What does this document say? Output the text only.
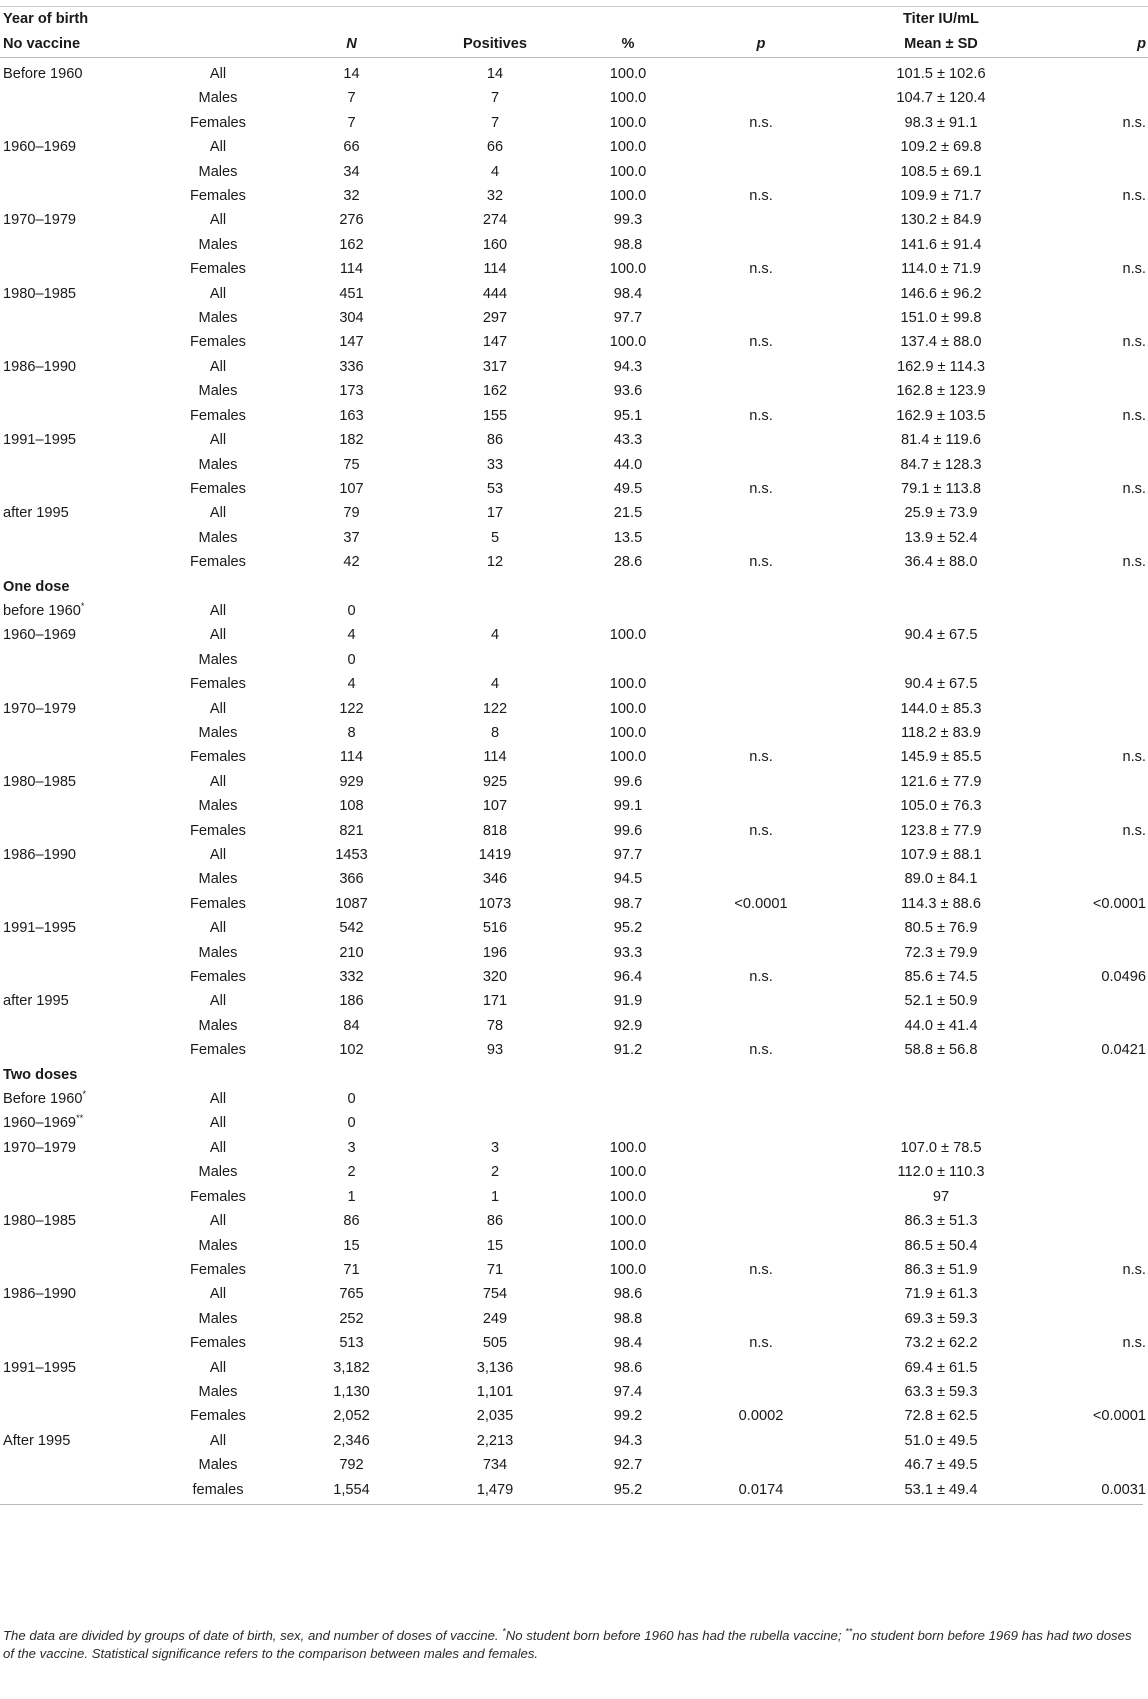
Year of birth						Titer IU/mL	
No vaccine		N	Positives	%	p	Mean ± SD	p
Before 1960	All	14	14	100.0		101.5 ± 102.6	
	Males	7	7	100.0		104.7 ± 120.4	
	Females	7	7	100.0	n.s.	98.3 ± 91.1	n.s.
1960–1969	All	66	66	100.0		109.2 ± 69.8	
	Males	34	4	100.0		108.5 ± 69.1	
	Females	32	32	100.0	n.s.	109.9 ± 71.7	n.s.
1970–1979	All	276	274	99.3		130.2 ± 84.9	
	Males	162	160	98.8		141.6 ± 91.4	
	Females	114	114	100.0	n.s.	114.0 ± 71.9	n.s.
1980–1985	All	451	444	98.4		146.6 ± 96.2	
	Males	304	297	97.7		151.0 ± 99.8	
	Females	147	147	100.0	n.s.	137.4 ± 88.0	n.s.
1986–1990	All	336	317	94.3		162.9 ± 114.3	
	Males	173	162	93.6		162.8 ± 123.9	
	Females	163	155	95.1	n.s.	162.9 ± 103.5	n.s.
1991–1995	All	182	86	43.3		81.4 ± 119.6	
	Males	75	33	44.0		84.7 ± 128.3	
	Females	107	53	49.5	n.s.	79.1 ± 113.8	n.s.
after 1995	All	79	17	21.5		25.9 ± 73.9	
	Males	37	5	13.5		13.9 ± 52.4	
	Females	42	12	28.6	n.s.	36.4 ± 88.0	n.s.
One dose							
before 1960*	All	0					
1960–1969	All	4	4	100.0		90.4 ± 67.5	
	Males	0					
	Females	4	4	100.0		90.4 ± 67.5	
1970–1979	All	122	122	100.0		144.0 ± 85.3	
	Males	8	8	100.0		118.2 ± 83.9	
	Females	114	114	100.0	n.s.	145.9 ± 85.5	n.s.
1980–1985	All	929	925	99.6		121.6 ± 77.9	
	Males	108	107	99.1		105.0 ± 76.3	
	Females	821	818	99.6	n.s.	123.8 ± 77.9	n.s.
1986–1990	All	1453	1419	97.7		107.9 ± 88.1	
	Males	366	346	94.5		89.0 ± 84.1	
	Females	1087	1073	98.7	<0.0001	114.3 ± 88.6	<0.0001
1991–1995	All	542	516	95.2		80.5 ± 76.9	
	Males	210	196	93.3		72.3 ± 79.9	
	Females	332	320	96.4	n.s.	85.6 ± 74.5	0.0496
after 1995	All	186	171	91.9		52.1 ± 50.9	
	Males	84	78	92.9		44.0 ± 41.4	
	Females	102	93	91.2	n.s.	58.8 ± 56.8	0.0421
Two doses							
Before 1960*	All	0					
1960–1969**	All	0					
1970–1979	All	3	3	100.0		107.0 ± 78.5	
	Males	2	2	100.0		112.0 ± 110.3	
	Females	1	1	100.0		97	
1980–1985	All	86	86	100.0		86.3 ± 51.3	
	Males	15	15	100.0		86.5 ± 50.4	
	Females	71	71	100.0	n.s.	86.3 ± 51.9	n.s.
1986–1990	All	765	754	98.6		71.9 ± 61.3	
	Males	252	249	98.8		69.3 ± 59.3	
	Females	513	505	98.4	n.s.	73.2 ± 62.2	n.s.
1991–1995	All	3,182	3,136	98.6		69.4 ± 61.5	
	Males	1,130	1,101	97.4		63.3 ± 59.3	
	Females	2,052	2,035	99.2	0.0002	72.8 ± 62.5	<0.0001
After 1995	All	2,346	2,213	94.3		51.0 ± 49.5	
	Males	792	734	92.7		46.7 ± 49.5	
	females	1,554	1,479	95.2	0.0174	53.1 ± 49.4	0.0031
The data are divided by groups of date of birth, sex, and number of doses of vaccine. *No student born before 1960 has had the rubella vaccine; **no student born before 1969 has had two doses of the vaccine. Statistical significance refers to the comparison between males and females.
